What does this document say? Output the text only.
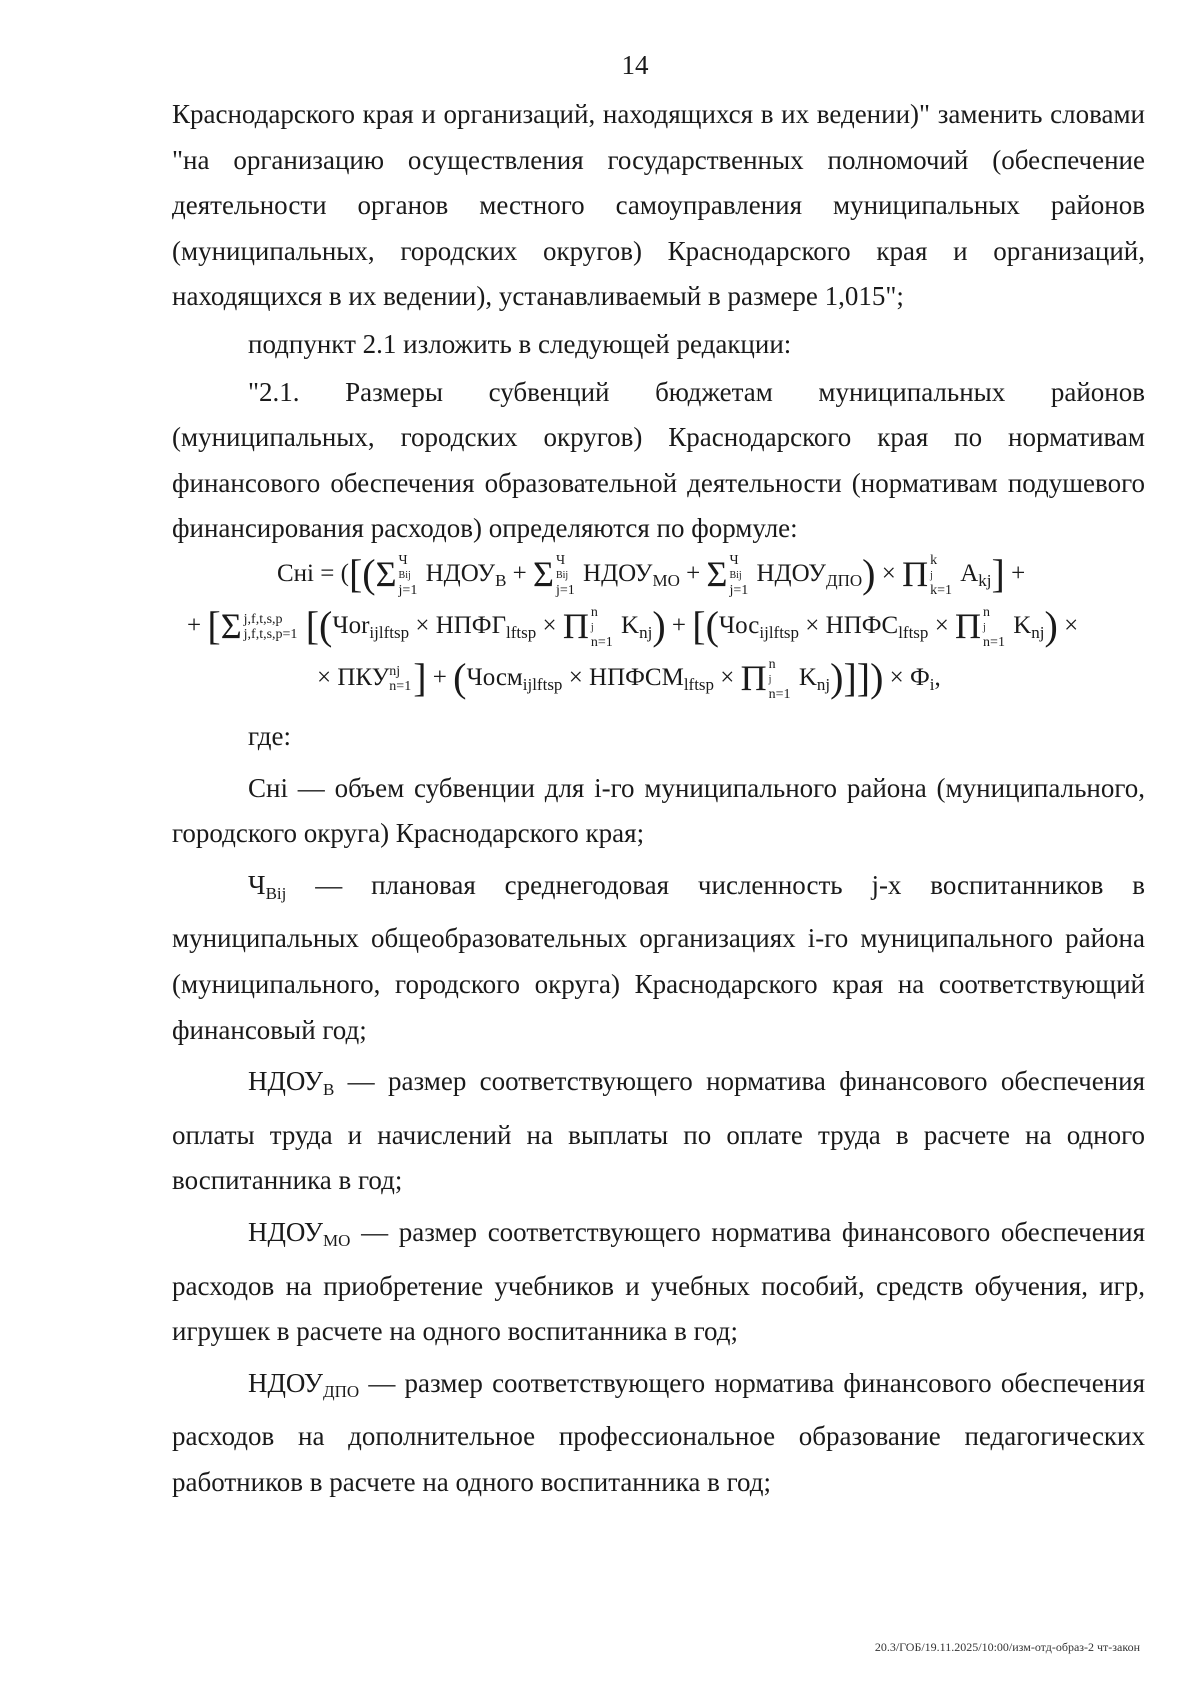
14

Краснодарского края и организаций, находящихся в их ведении)" заменить словами "на организацию осуществления государственных полномочий (обеспечение деятельности органов местного самоуправления муниципальных районов (муниципальных, городских округов) Краснодарского края и организаций, находящихся в их ведении), устанавливаемый в размере 1,015";

подпункт 2.1 изложить в следующей редакции:

"2.1. Размеры субвенций бюджетам муниципальных районов (муниципальных, городских округов) Краснодарского края по нормативам финансового обеспечения образовательной деятельности (нормативам подушевого финансирования расходов) определяются по формуле:

Сні = ([(Σ Ч
Вij
j=1
$НДОУ_В + \Sigma$ Ч
Вij
j=1
$НДОУ_{МО} + \Sigma$ Ч
Вij
j=1
$НДОУ_{ДПО}) \times \Pi$ k
j
k=1
$A_{kj}$] +
+ [Σ j,f,t,s,p
j,f,t,s,p=1 [($Чоr_{ijlftsp} \times НПФГ_{lftsp} \times \Pi$ n
j
n=1
$K_{nj}) + [(Чос_{ijlftsp}$ × $НПФС_{lftsp} \times \Pi$ n
j
n=1
$K_{nj}$) ×
× ПКУ nj
n=1 ] + (Чосм$_{ijlftsp}$ × $НПФСМ_{lftsp} \times \Pi$ n
j
n=1
$K_{nj})]]) \times Ф_i$,

где:

Сні — объем субвенции для i-го муниципального района (муниципального, городского округа) Краснодарского края;

$Ч_{Вij}$ — плановая среднегодовая численность j-х воспитанников в муниципальных общеобразовательных организациях i-го муниципального района (муниципального, городского округа) Краснодарского края на соответствующий финансовый год;

$НДОУ_В$ — размер соответствующего норматива финансового обеспечения оплаты труда и начислений на выплаты по оплате труда в расчете на одного воспитанника в год;

$НДОУ_{МО}$ — размер соответствующего норматива финансового обеспечения расходов на приобретение учебников и учебных пособий, средств обучения, игр, игрушек в расчете на одного воспитанника в год;

$НДОУ_{ДПО}$ — размер соответствующего норматива финансового обеспечения расходов на дополнительное профессиональное образование педагогических работников в расчете на одного воспитанника в год;

20.3/ГОБ/19.11.2025/10:00/изм-отд-образ-2 чт-закон
